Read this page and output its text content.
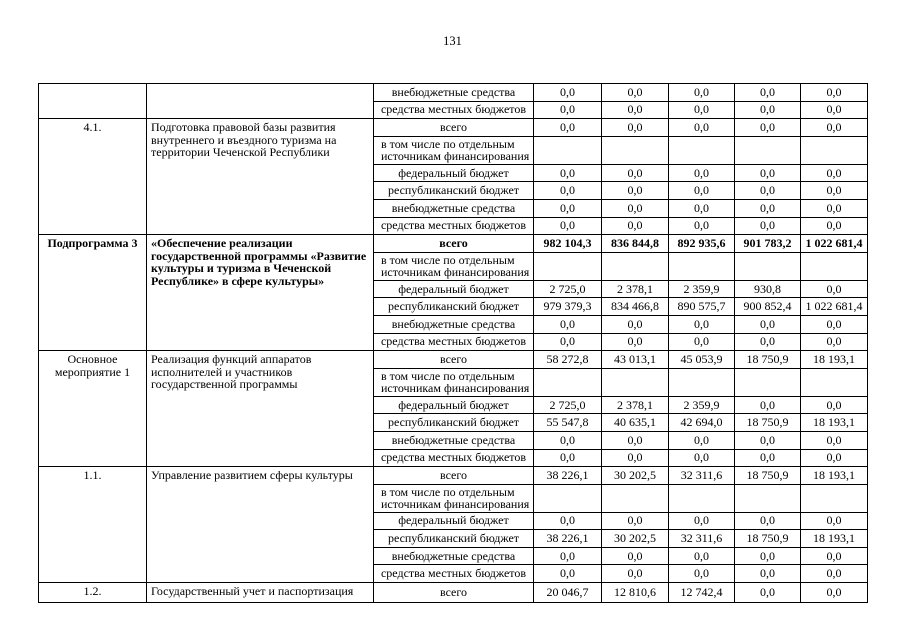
131
		внебюджетные средства	0,0	0,0	0,0	0,0	0,0
		средства местных бюджетов	0,0	0,0	0,0	0,0	0,0
4.1.	Подготовка правовой базы развития
внутреннего и въездного туризма на
территории Чеченской Республики	всего	0,0	0,0	0,0	0,0	0,0
		в том числе по отдельным источникам финансирования					
		федеральный бюджет	0,0	0,0	0,0	0,0	0,0
		республиканский бюджет	0,0	0,0	0,0	0,0	0,0
		внебюджетные средства	0,0	0,0	0,0	0,0	0,0
		средства местных бюджетов	0,0	0,0	0,0	0,0	0,0
Подпрограмма 3	«Обеспечение реализации
государственной программы «Развитие
культуры и туризма в Чеченской
Республике» в сфере культуры»	всего	982 104,3	836 844,8	892 935,6	901 783,2	1 022 681,4
		в том числе по отдельным источникам финансирования					
		федеральный бюджет	2 725,0	2 378,1	2 359,9	930,8	0,0
		республиканский бюджет	979 379,3	834 466,8	890 575,7	900 852,4	1 022 681,4
		внебюджетные средства	0,0	0,0	0,0	0,0	0,0
		средства местных бюджетов	0,0	0,0	0,0	0,0	0,0
Основное мероприятие 1	Реализация функций аппаратов
исполнителей и участников
государственной программы	всего	58 272,8	43 013,1	45 053,9	18 750,9	18 193,1
		в том числе по отдельным источникам финансирования					
		федеральный бюджет	2 725,0	2 378,1	2 359,9	0,0	0,0
		республиканский бюджет	55 547,8	40 635,1	42 694,0	18 750,9	18 193,1
		внебюджетные средства	0,0	0,0	0,0	0,0	0,0
		средства местных бюджетов	0,0	0,0	0,0	0,0	0,0
1.1.	Управление развитием сферы культуры	всего	38 226,1	30 202,5	32 311,6	18 750,9	18 193,1
		в том числе по отдельным источникам финансирования					
		федеральный бюджет	0,0	0,0	0,0	0,0	0,0
		республиканский бюджет	38 226,1	30 202,5	32 311,6	18 750,9	18 193,1
		внебюджетные средства	0,0	0,0	0,0	0,0	0,0
		средства местных бюджетов	0,0	0,0	0,0	0,0	0,0
1.2.	Государственный учет и паспортизация	всего	20 046,7	12 810,6	12 742,4	0,0	0,0
